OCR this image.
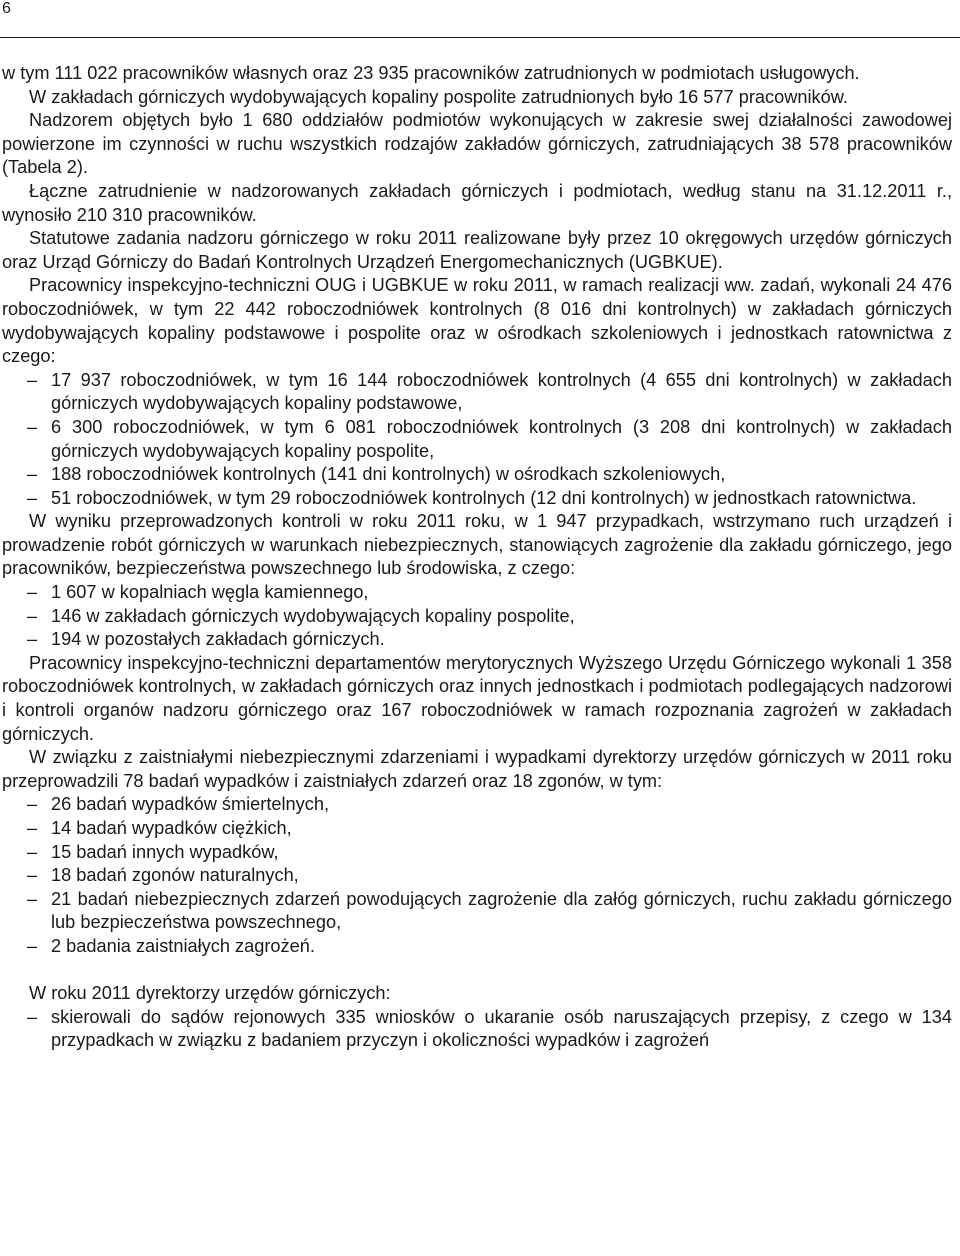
6

w tym 111 022 pracowników własnych oraz 23 935 pracowników zatrudnionych w podmiotach usługowych.

W zakładach górniczych wydobywających kopaliny pospolite zatrudnionych było 16 577 pracowników.

Nadzorem objętych było 1 680 oddziałów podmiotów wykonujących w zakresie swej działalności zawodowej powierzone im czynności w ruchu wszystkich rodzajów zakładów górniczych, zatrudniających 38 578 pracowników (Tabela 2).

Łączne zatrudnienie w nadzorowanych zakładach górniczych i podmiotach, według stanu na 31.12.2011 r., wynosiło 210 310 pracowników.

Statutowe zadania nadzoru górniczego w roku 2011 realizowane były przez 10 okręgowych urzędów górniczych oraz Urząd Górniczy do Badań Kontrolnych Urządzeń Energomechanicznych (UGBKUE).

Pracownicy inspekcyjno-techniczni OUG i UGBKUE w roku 2011, w ramach realizacji ww. zadań, wykonali 24 476 roboczodniówek, w tym 22 442 roboczodniówek kontrolnych (8 016 dni kontrolnych) w zakładach górniczych wydobywających kopaliny podstawowe i pospolite oraz w ośrodkach szkoleniowych i jednostkach ratownictwa z czego:

– 17 937 roboczodniówek, w tym 16 144 roboczodniówek kontrolnych (4 655 dni kontrolnych) w zakładach górniczych wydobywających kopaliny podstawowe,
– 6 300 roboczodniówek, w tym 6 081 roboczodniówek kontrolnych (3 208 dni kontrolnych) w zakładach górniczych wydobywających kopaliny pospolite,
– 188 roboczodniówek kontrolnych (141 dni kontrolnych) w ośrodkach szkoleniowych,
– 51 roboczodniówek, w tym 29 roboczodniówek kontrolnych (12 dni kontrolnych) w jednostkach ratownictwa.

W wyniku przeprowadzonych kontroli w roku 2011 roku, w 1 947 przypadkach, wstrzymano ruch urządzeń i prowadzenie robót górniczych w warunkach niebezpiecznych, stanowiących zagrożenie dla zakładu górniczego, jego pracowników, bezpieczeństwa powszechnego lub środowiska, z czego:

– 1 607 w kopalniach węgla kamiennego,
– 146 w zakładach górniczych wydobywających kopaliny pospolite,
– 194 w pozostałych zakładach górniczych.

Pracownicy inspekcyjno-techniczni departamentów merytorycznych Wyższego Urzędu Górniczego wykonali 1 358 roboczodniówek kontrolnych, w zakładach górniczych oraz innych jednostkach i podmiotach podlegających nadzorowi i kontroli organów nadzoru górniczego oraz 167 roboczodniówek w ramach rozpoznania zagrożeń w zakładach górniczych.

W związku z zaistniałymi niebezpiecznymi zdarzeniami i wypadkami dyrektorzy urzędów górniczych w 2011 roku przeprowadzili 78 badań wypadków i zaistniałych zdarzeń oraz 18 zgonów, w tym:

– 26 badań wypadków śmiertelnych,
– 14 badań wypadków ciężkich,
– 15 badań innych wypadków,
– 18 badań zgonów naturalnych,
– 21 badań niebezpiecznych zdarzeń powodujących zagrożenie dla załóg górniczych, ruchu zakładu górniczego lub bezpieczeństwa powszechnego,
– 2 badania zaistniałych zagrożeń.

W roku 2011 dyrektorzy urzędów górniczych:

– skierowali do sądów rejonowych 335 wniosków o ukaranie osób naruszających przepisy, z czego w 134 przypadkach w związku z badaniem przyczyn i okoliczności wypadków i zagrożeń
